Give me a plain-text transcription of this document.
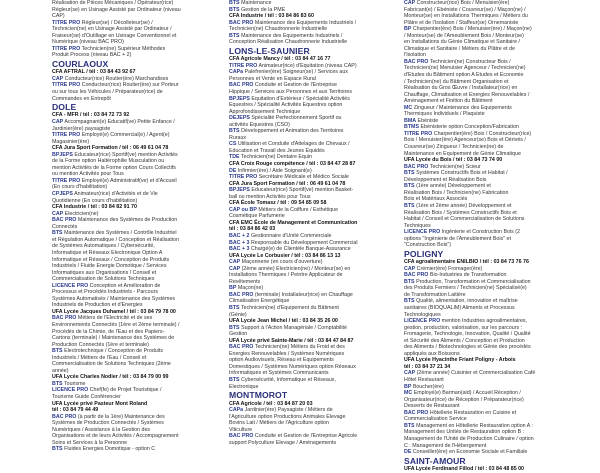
Réalisation de Pièces Mécaniques / Opérateur(rice)
Régleur(se) en Usinage Assisté par Ordinateur (niveau
CAP)
TITRE PRO Régleur(se) / Décolleteur(se) /
Technicien(ne) en Usinage Assisté par Ordinateur /
Fraiseur(se) d'Outillage en Usinage Conventionnel et
Numérique (niveau BAC PRO)
TITRE PRO Technicien(ne) Supérieur Méthodes
Produit Process (niveau BAC + 2)
COURLAOUX
CFA AFTRAL / tél : 03 84 43 92 67
CAP Conducteur(rice) Routier(ère) Marchandises
TITRE PRO Conducteur(rice) Routier(ère) sur Porteur
ou sur tous les Véhicules / Préparateur(rice) de
Commandes en Entrepôt
DOLE
CFA - MFR / tél : 03 84 72 73 92
CAP Accompagnant(e) Educatif(ve) Petite Enfance /
Jardinier(ère) paysagiste
TITRE PRO Employé(e) Commercial(e) / Agent(e)
Magasinier(ère)
CFA Jura Sport Formation / tél : 06 49 61 04 78
BPJEPS Educateur(rice) Sportif(ve) mention Activités
de la Forme option Haltérophilie Musculation ou
mention Activités de la Forme option Cours Collectifs
ou mention Activités pour Tous
TITRE PRO Employé(e) Administratif(ve) et d'Accueil
(En cours d'habilitation)
CPJEPS Animateur(rice) d'Activités et de Vie
Quotidienne (En cours d'habilitation)
CFA Industrie / tél : 03 84 82 91 70
CAP Electricien(ne)
BAC PRO Maintenance des Systèmes de Production
Connectés
BTS Maintenance des Systèmes / Contrôle Industriel
et Régulation Automatique / Conception et Réalisation
de Systèmes Automatiques / Cybersécurité,
Informatique et Réseaux Electronique Option A
Informatique et Réseaux / Conception de Produits
Industriels / Fluide Energie Domotique / Services
Informatiques aux Organisations / Conseil et
Commercialisation de Solutions Techniques
LICENCE PRO Conception et Amélioration de
Processus et Procédés Industriels - Parcours
Systèmes Automatisés / Maintenance des Systèmes
Industriels de Production et d'Energies
UFA Lycée Jacques Duhamel / tél : 03 84 79 78 00
BAC PRO Métiers de l'Electricité et de ses
Environnements Connectés (1ère et 2ème terminale) /
Procédés de la Chimie, de l'Eau et des Papiers-
Cartons (terminale) / Maintenance des Systèmes de
Production Connectés (1ère et terminale)
BTS Electrotechnique / Conception de Produits
Industriels / Métiers de l'Eau / Conseil et
Commercialisation de Solutions Techniques (2ème
année)
UFA Lycée Charles Nodier / tél : 03 84 79 00 99
BTS Tourisme
LICENCE PRO Chef(fe) de Projet Touristique /
Tourisme Guide Conférencier
UFA Lycée privé Pasteur Mont Roland
tél : 03 84 79 44 49
BAC PRO (à partir de la 1ère) Maintenance des
Systèmes de Production Connectés / Systèmes
Numériques / Assistance à la Gestion des
Organisations et de leurs Activités / Accompagnement
Soins et Services à la Personne
BTS Fluides Energies Domotique - option C
BTS Maintenance
BTS Gestion de la PME
CFA Industrie / tél : 03 84 86 83 60
BAC PRO Maintenance des Equipements Industriels /
Technicien(ne) Chaudronnerie Industrielle
BTS Maintenance des Equipements Industriels /
Conception Réalisation Chaudronnerie Industrielle
LONS-LE-SAUNIER
CFA Agricole Mancy / tél : 03 84 47 16 77
TITRE PRO Animateur(rice) d'Equitation (niveau CAP)
CAPa Palefrenier(ère) Soigneur(se) / Services aux
Personnes et Vente en Espace Rural
BAC PRO Conduite et Gestion de l'Entreprise
Hippique / Services aux Personnes et aux Territoires
BPJEPS Equitation d'Extérieur / Spécialité Activités
Equestres / Spécialité Activités Equestres option
Approfondissement Technique
DEJEPS Spécialité Perfectionnement Sportif ou
activités Equestres (CSO)
BTS Développement et Animation des Territoires
Ruraux
CS Utilisation et Conduite d'Attelages de Chevaux /
Education et Travail des Jeunes Equidés
TDE Technicien(ne) Dentaire Equin
CFA Croix Rouge compétence / tél : 03 84 47 28 87
DE Infirmier(ère) / Aide Soignant(e)
TITRE PRO Secrétaire Médicale et Médico Sociale
CFA Jura Sport Formation / tél : 06 49 61 04 78
BPJEPS Educateur(rice) Sportif(ve) mention Basket-
ball ou mention Activités pour Tous
CFA École Tomasz / tél : 09 54 85 09 58
CAP ou BP Métiers de la Coiffure / Esthétique
Cosmétique Parfumerie
CFA EMC École de Management et Communication
tél : 03 84 86 42 03
BAC + 2 Gestionnaire d'Unité Commerciale
BAC + 3 Responsable du Développement Commercial
BAC + 3 Chargé(e) de Clientèle Banque-Assurance
UFA Lycée Le Corbusier / tél : 03 84 86 13 13
CAP Maçonnerie (en cours d'ouverture)
CAP (2ème année) Electricien(ne) / Monteur(se) en
Installations Thermiques / Peintre Applicateur de
Revêtements
BP Maçon(ne)
BAC PRO (terminale) Installateur(rice) en Chauffage
Climatisation Energétique
BTS Technicien(ne) d'Equipement du Bâtiment
(Génie)
UFA Lycée Jean Michel / tél : 03 84 35 26 00
BTS Support à l'Action Managériale / Comptabilité
Gestion
UFA Lycée privé Sainte-Marie / tél : 03 84 47 84 87
BAC PRO Technicien(ne) Métiers du Froid et des
Energies Renouvelables / Systèmes Numériques
option Audiovisuels, Réseau et Equipements
Domestiques / Systèmes Numériques option Réseaux
Informatiques et Systèmes Communicants
BTS Cybersécurité, Informatique et Réseaux,
Electronique
MONTMOROT
CFA Agricole / tél : 03 84 87 20 03
CAPa Jardinier(ère) Paysagiste / Métiers de
l'Agriculture option Productions Animales Elevage
Bovins Lait / Métiers de l'Agriculture option
Viticulture
BAC PRO Conduite et Gestion de l'Entreprise Agricole
support Polyculture Elevage / Aménagements
CAP Constructeur(rice) Bois / Menuisier(ère)
Fabricant(e) / Ebéniste / Couvreur(se) / Maçon(ne) /
Monteur(se) en Installations Thermiques / Métiers du
Plâtre et de l'Isolation / Staffeur(se) Ornemaniste
BP Charpentier(ère) Bois / Menuisier(ère) / Maçon(ne)
/ Monteur(se) de l'Ameublement Bois / Monteur(se)
en Installations du Génie Climatique et Sanitaire /
Climatique et Sanitaire / Métiers du Plâtre et de
l'Isolation
BAC PRO Technicien(ne) Constructeur Bois /
Technicien(ne) Menuisier Agenceur / Technicien(ne)
d'Etudes du Bâtiment option A Etudes et Economie
/ Technicien(ne) du Bâtiment Organisation et
Réalisation du Gros Œuvre / Installateur(rice) en
Chauffage, Climatisation et Energies Renouvelables /
Aménagement et Finition du Bâtiment
MC Zingueur / Maintenance des Equipements
Thermiques Individuels / Plaquiste
BMA Ebéniste
BTMS Ebénisterie option Conception/Fabrication
TITRE PRO Charpentier(ère) Bois / Constructeur(rice)
Bois / Menuisier(ère) Agenceur(se) Bois et Dérivés /
Couvreur(se) Zingueur / Technicien(ne) de
Maintenance en Equipement de Génie Climatique
UFA Lycée du Bois / tél : 03 84 73 74 00
BAC PRO Technicien(ne) Scieur
BTS Systèmes Constructifs Bois et Habitat /
Développement et Réalisation Bois
BTS (1ère année) Développement et
Réalisation Bois / Technicien(ne) Fabrication
Bois et Matériaux Associés
BTS (1ère et 2ème année) Développement et
Réalisation Bois / Systèmes Constructifs Bois et
Habitat / Conseil et Commercialisation de Solutions
Techniques
LICENCE PRO Ingénierie et Construction Bois (2
options "Ingénierie de l'Ameublement Bois" et
"Construction Bois")
POLIGNY
CFA agroalimentaire ENILBIO / tél : 03 84 73 76 76
CAP Crémier(ère) Fromager(ère)
BAC PRO Bio-Industries de Transformation
BTS Production, Transformation et Commercialisation
des Produits Fermiers / Technicien(ne) Spécialisé(e)
de Transformation Laitière
BTS Qualité, alimentation, innovation et maîtrise
sanitaires (BIOQUALIM) Aliments et Processus
Technologiques
LICENCE PRO mention Industries agroalimentaires,
gestion, production, valorisation, sur les parcours :
Fromagerie, Technologie, Innovation, Qualité / Qualité
et Sécurité des Aliments / Conception et Production
des Aliments / Biotechnologies et Génie des procédés
appliqués aux Boissons
UFA Lycée Hyacinthe Friant Poligny - Arbois
tél : 03 84 37 21 34
CAP (2ème année) Cuisinier et Commercialisation Café
Hôtel Restaurant
BP Boucher(ère)
MC Employé(e) Barman(aid) / Accueil Réception /
Organisateur(rice) de Réception / Préparateur(rice)
Desserts de Restaurant
BAC PRO Hôtellerie Restauration en Cuisine et
Commercialisation Service
BTS Management en Hôtellerie Restauration option A :
Management des Unités de Restauration option B :
Management de l'Unité de Production Culinaire / option
C : Management de l'Hébergement
DE Conseiller(ère) en Economie Sociale et Familiale
SAINT-AMOUR
UFA Lycée Ferdinand Fillod / tél : 03 84 48 85 00
